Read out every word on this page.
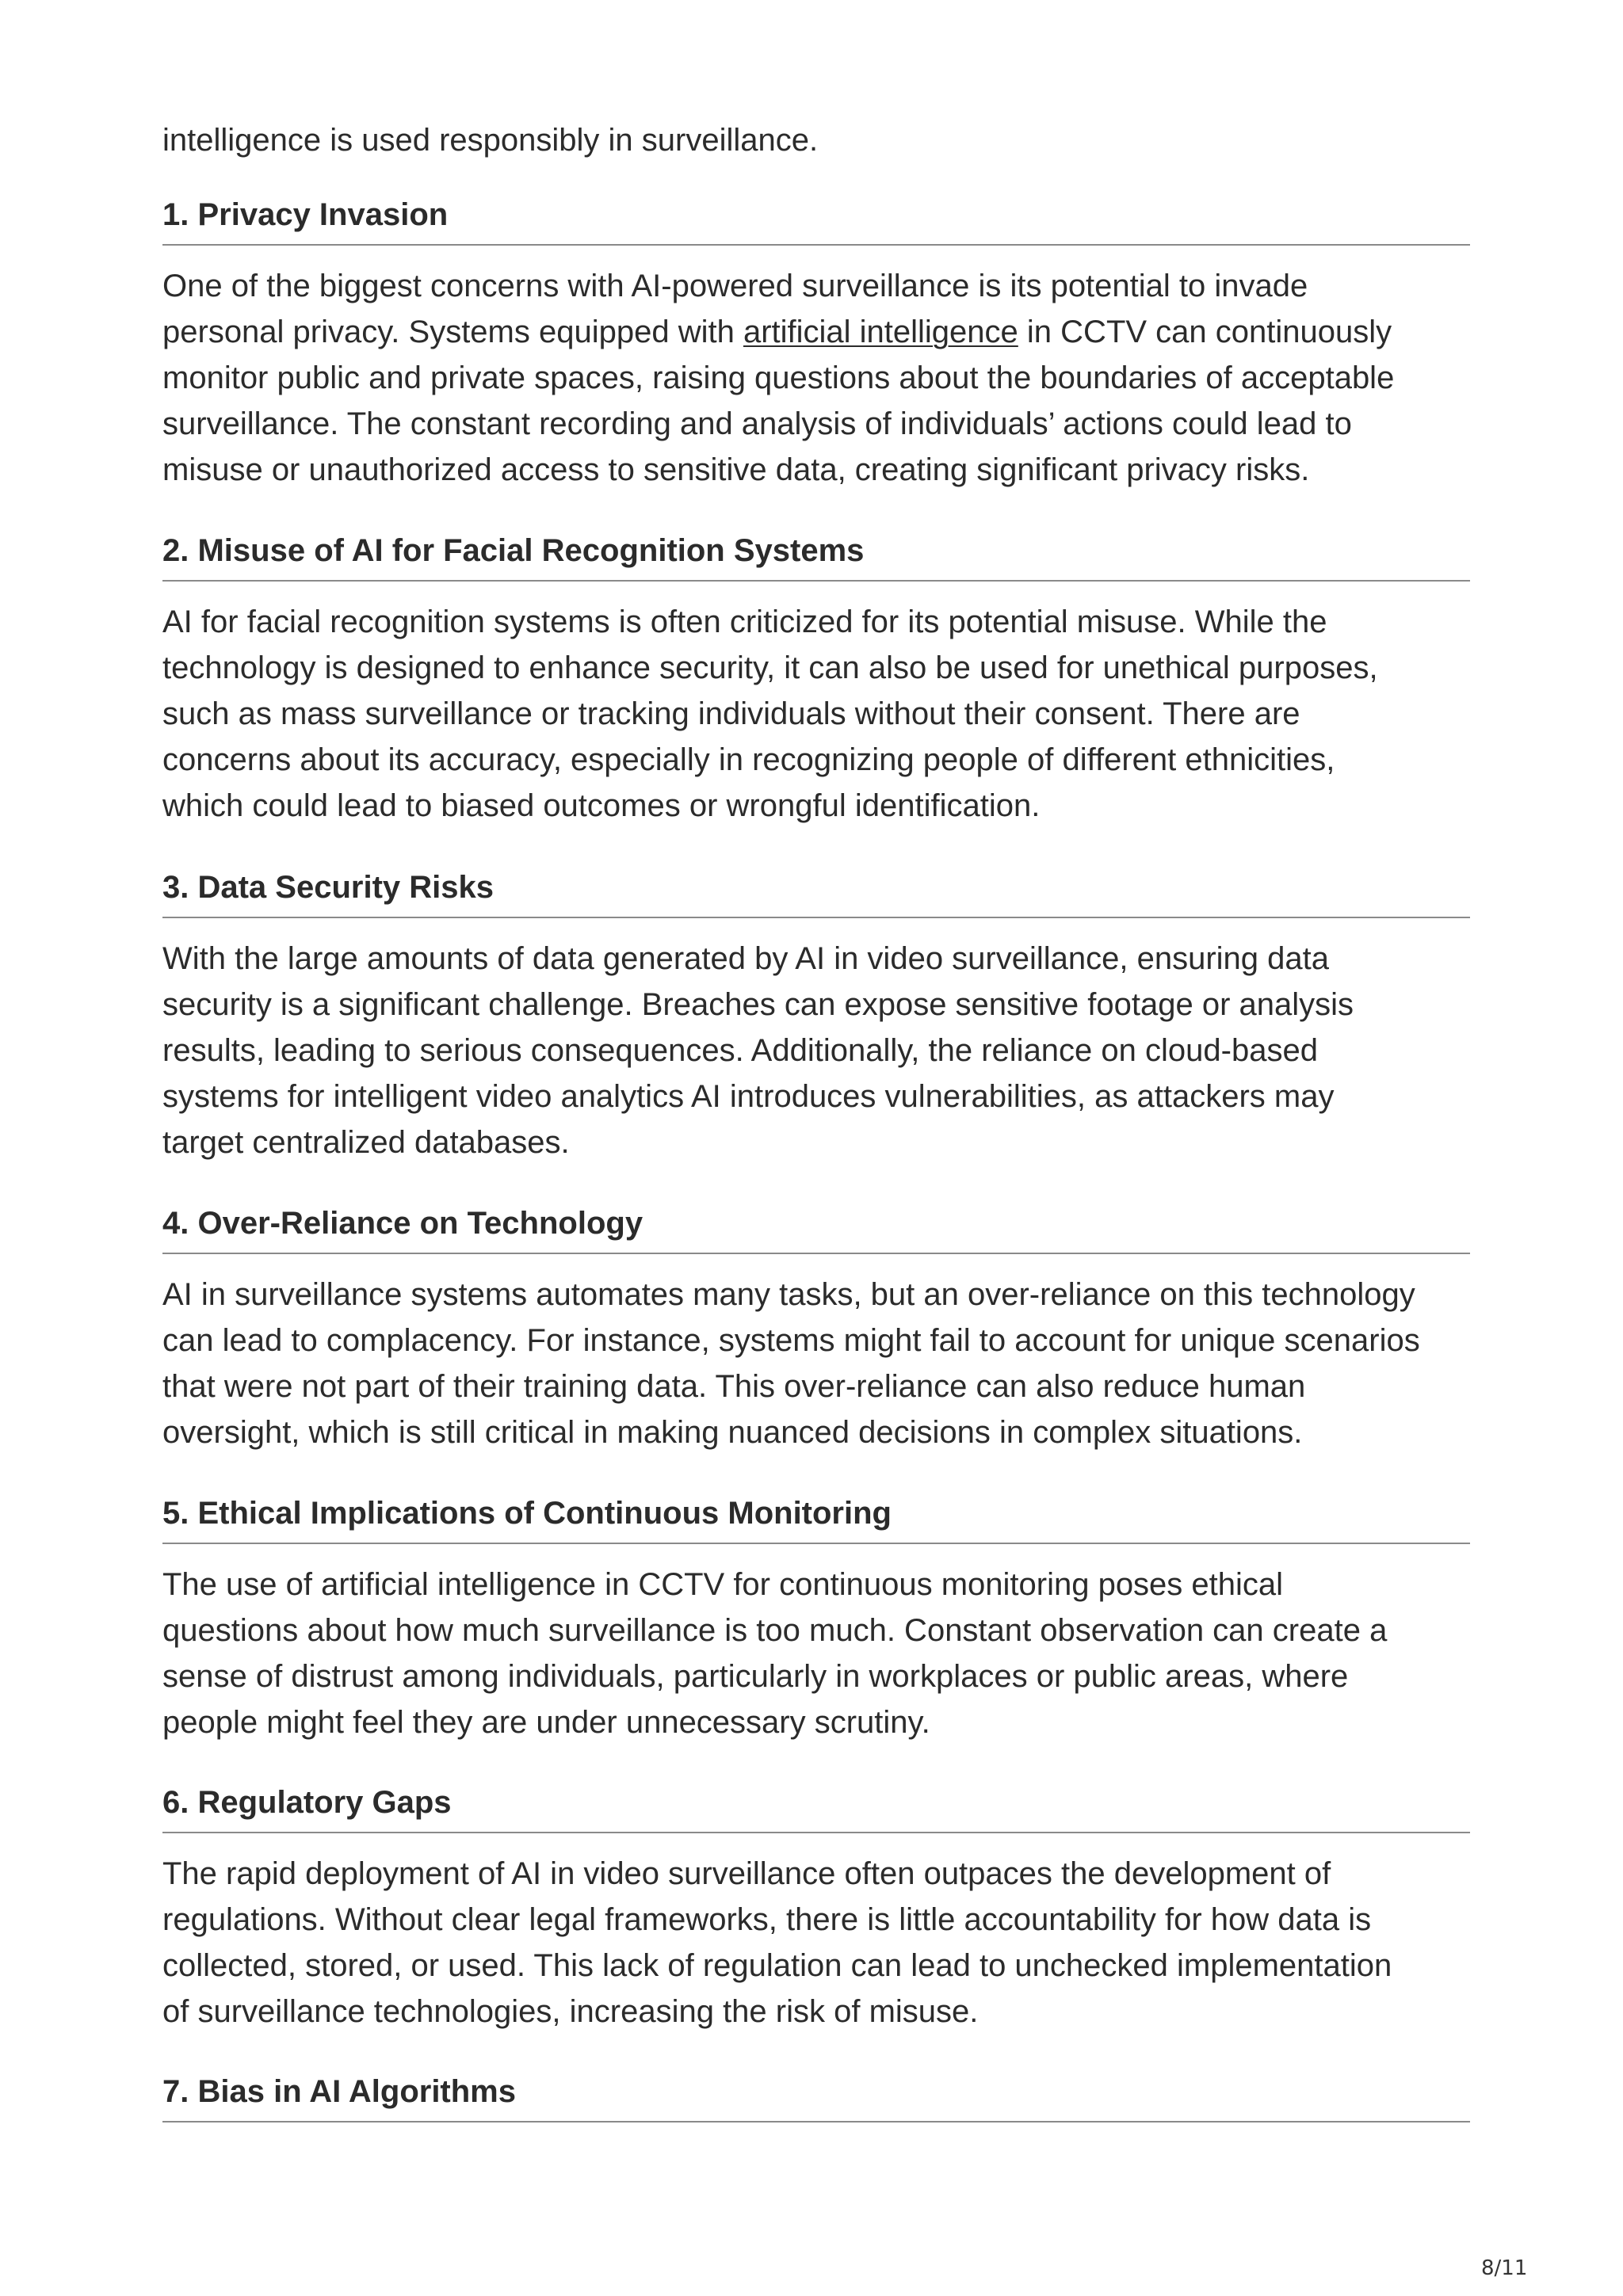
intelligence is used responsibly in surveillance.

1. Privacy Invasion

One of the biggest concerns with AI-powered surveillance is its potential to invade
personal privacy. Systems equipped with artificial intelligence in CCTV can continuously
monitor public and private spaces, raising questions about the boundaries of acceptable
surveillance. The constant recording and analysis of individuals’ actions could lead to
misuse or unauthorized access to sensitive data, creating significant privacy risks.

2. Misuse of AI for Facial Recognition Systems

AI for facial recognition systems is often criticized for its potential misuse. While the
technology is designed to enhance security, it can also be used for unethical purposes,
such as mass surveillance or tracking individuals without their consent. There are
concerns about its accuracy, especially in recognizing people of different ethnicities,
which could lead to biased outcomes or wrongful identification.

3. Data Security Risks

With the large amounts of data generated by AI in video surveillance, ensuring data
security is a significant challenge. Breaches can expose sensitive footage or analysis
results, leading to serious consequences. Additionally, the reliance on cloud-based
systems for intelligent video analytics AI introduces vulnerabilities, as attackers may
target centralized databases.

4. Over-Reliance on Technology

AI in surveillance systems automates many tasks, but an over-reliance on this technology
can lead to complacency. For instance, systems might fail to account for unique scenarios
that were not part of their training data. This over-reliance can also reduce human
oversight, which is still critical in making nuanced decisions in complex situations.

5. Ethical Implications of Continuous Monitoring

The use of artificial intelligence in CCTV for continuous monitoring poses ethical
questions about how much surveillance is too much. Constant observation can create a
sense of distrust among individuals, particularly in workplaces or public areas, where
people might feel they are under unnecessary scrutiny.

6. Regulatory Gaps

The rapid deployment of AI in video surveillance often outpaces the development of
regulations. Without clear legal frameworks, there is little accountability for how data is
collected, stored, or used. This lack of regulation can lead to unchecked implementation
of surveillance technologies, increasing the risk of misuse.

7. Bias in AI Algorithms
8/11
